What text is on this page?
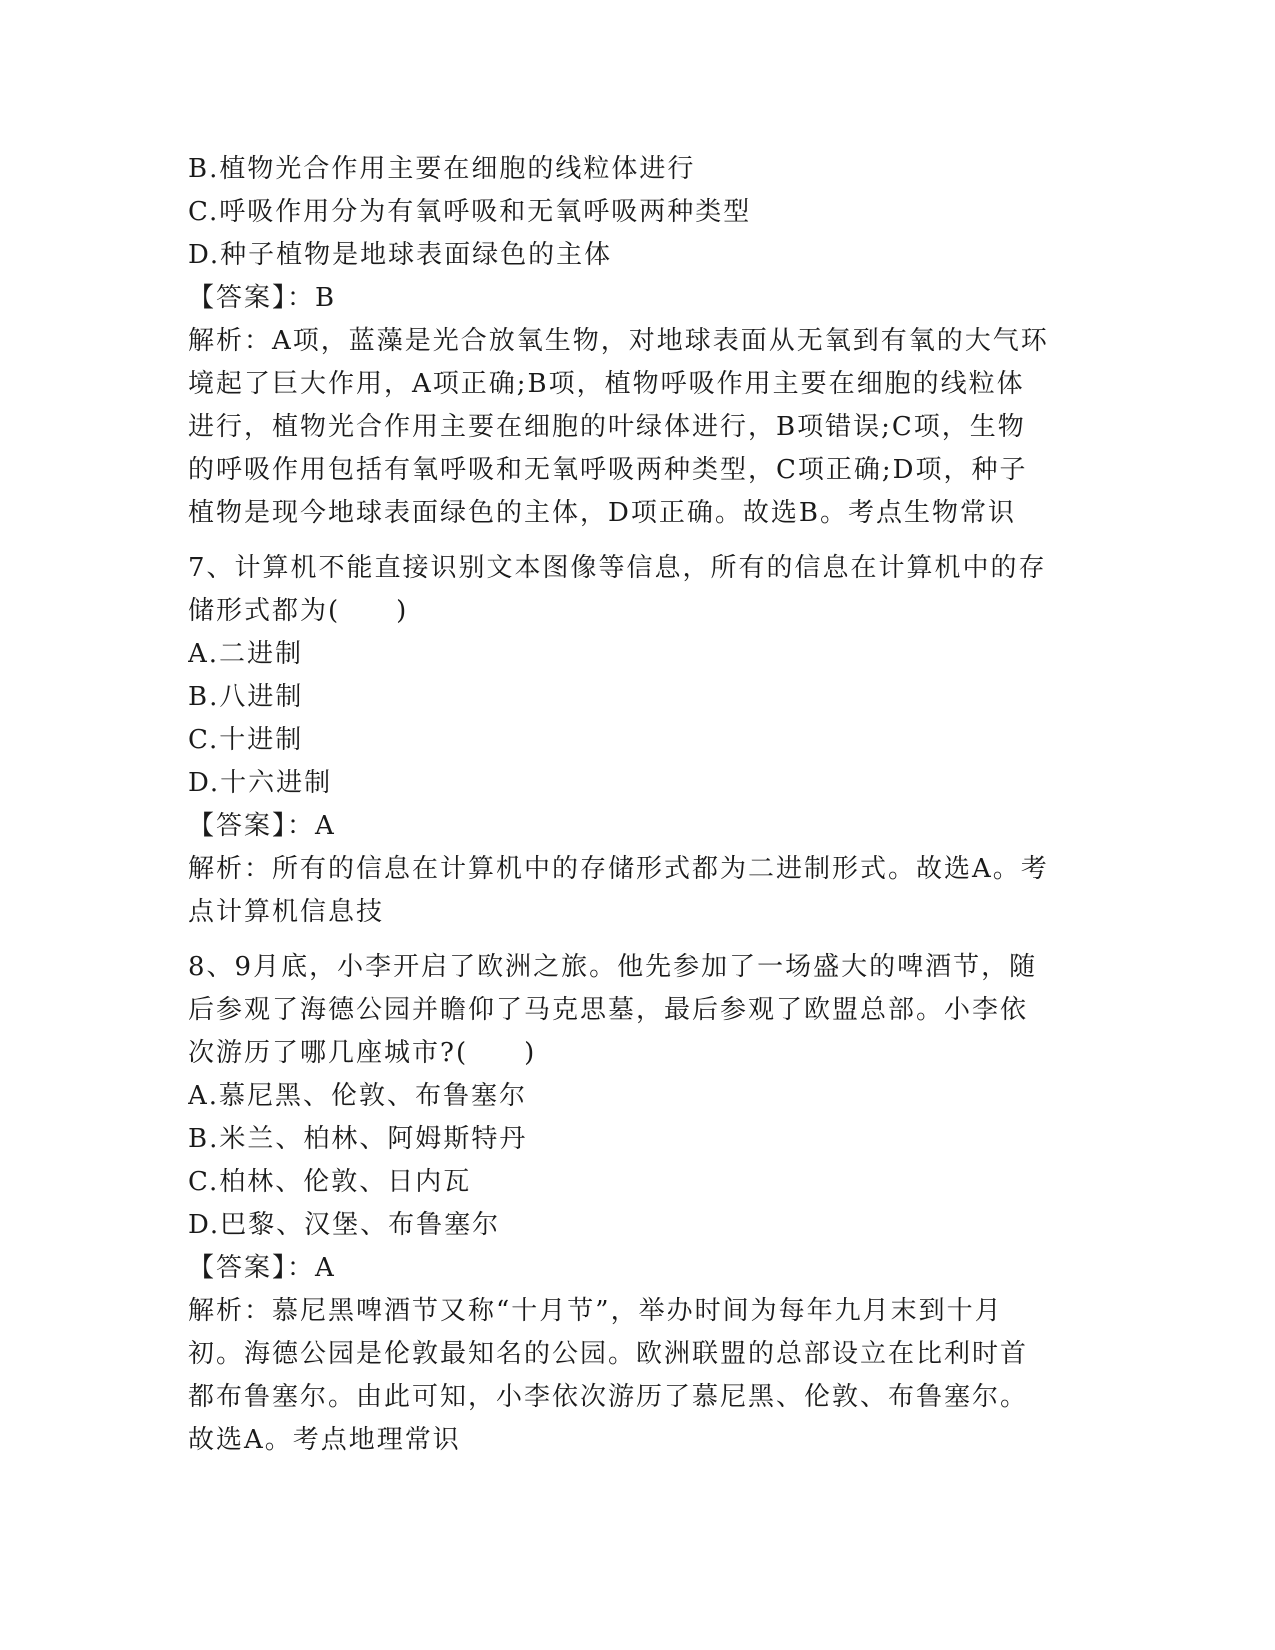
B.植物光合作用主要在细胞的线粒体进行
C.呼吸作用分为有氧呼吸和无氧呼吸两种类型
D.种子植物是地球表面绿色的主体
【答案】：B
解析：A项，蓝藻是光合放氧生物，对地球表面从无氧到有氧的大气环
境起了巨大作用，A项正确;B项，植物呼吸作用主要在细胞的线粒体
进行，植物光合作用主要在细胞的叶绿体进行，B项错误;C项，生物
的呼吸作用包括有氧呼吸和无氧呼吸两种类型，C项正确;D项，种子
植物是现今地球表面绿色的主体，D项正确。故选B。考点生物常识
7、计算机不能直接识别文本图像等信息，所有的信息在计算机中的存
储形式都为(　　)
A.二进制
B.八进制
C.十进制
D.十六进制
【答案】：A
解析：所有的信息在计算机中的存储形式都为二进制形式。故选A。考
点计算机信息技
8、9月底，小李开启了欧洲之旅。他先参加了一场盛大的啤酒节，随
后参观了海德公园并瞻仰了马克思墓，最后参观了欧盟总部。小李依
次游历了哪几座城市?(　　)
A.慕尼黑、伦敦、布鲁塞尔
B.米兰、柏林、阿姆斯特丹
C.柏林、伦敦、日内瓦
D.巴黎、汉堡、布鲁塞尔
【答案】：A
解析：慕尼黑啤酒节又称“十月节”，举办时间为每年九月末到十月
初。海德公园是伦敦最知名的公园。欧洲联盟的总部设立在比利时首
都布鲁塞尔。由此可知，小李依次游历了慕尼黑、伦敦、布鲁塞尔。
故选A。考点地理常识
